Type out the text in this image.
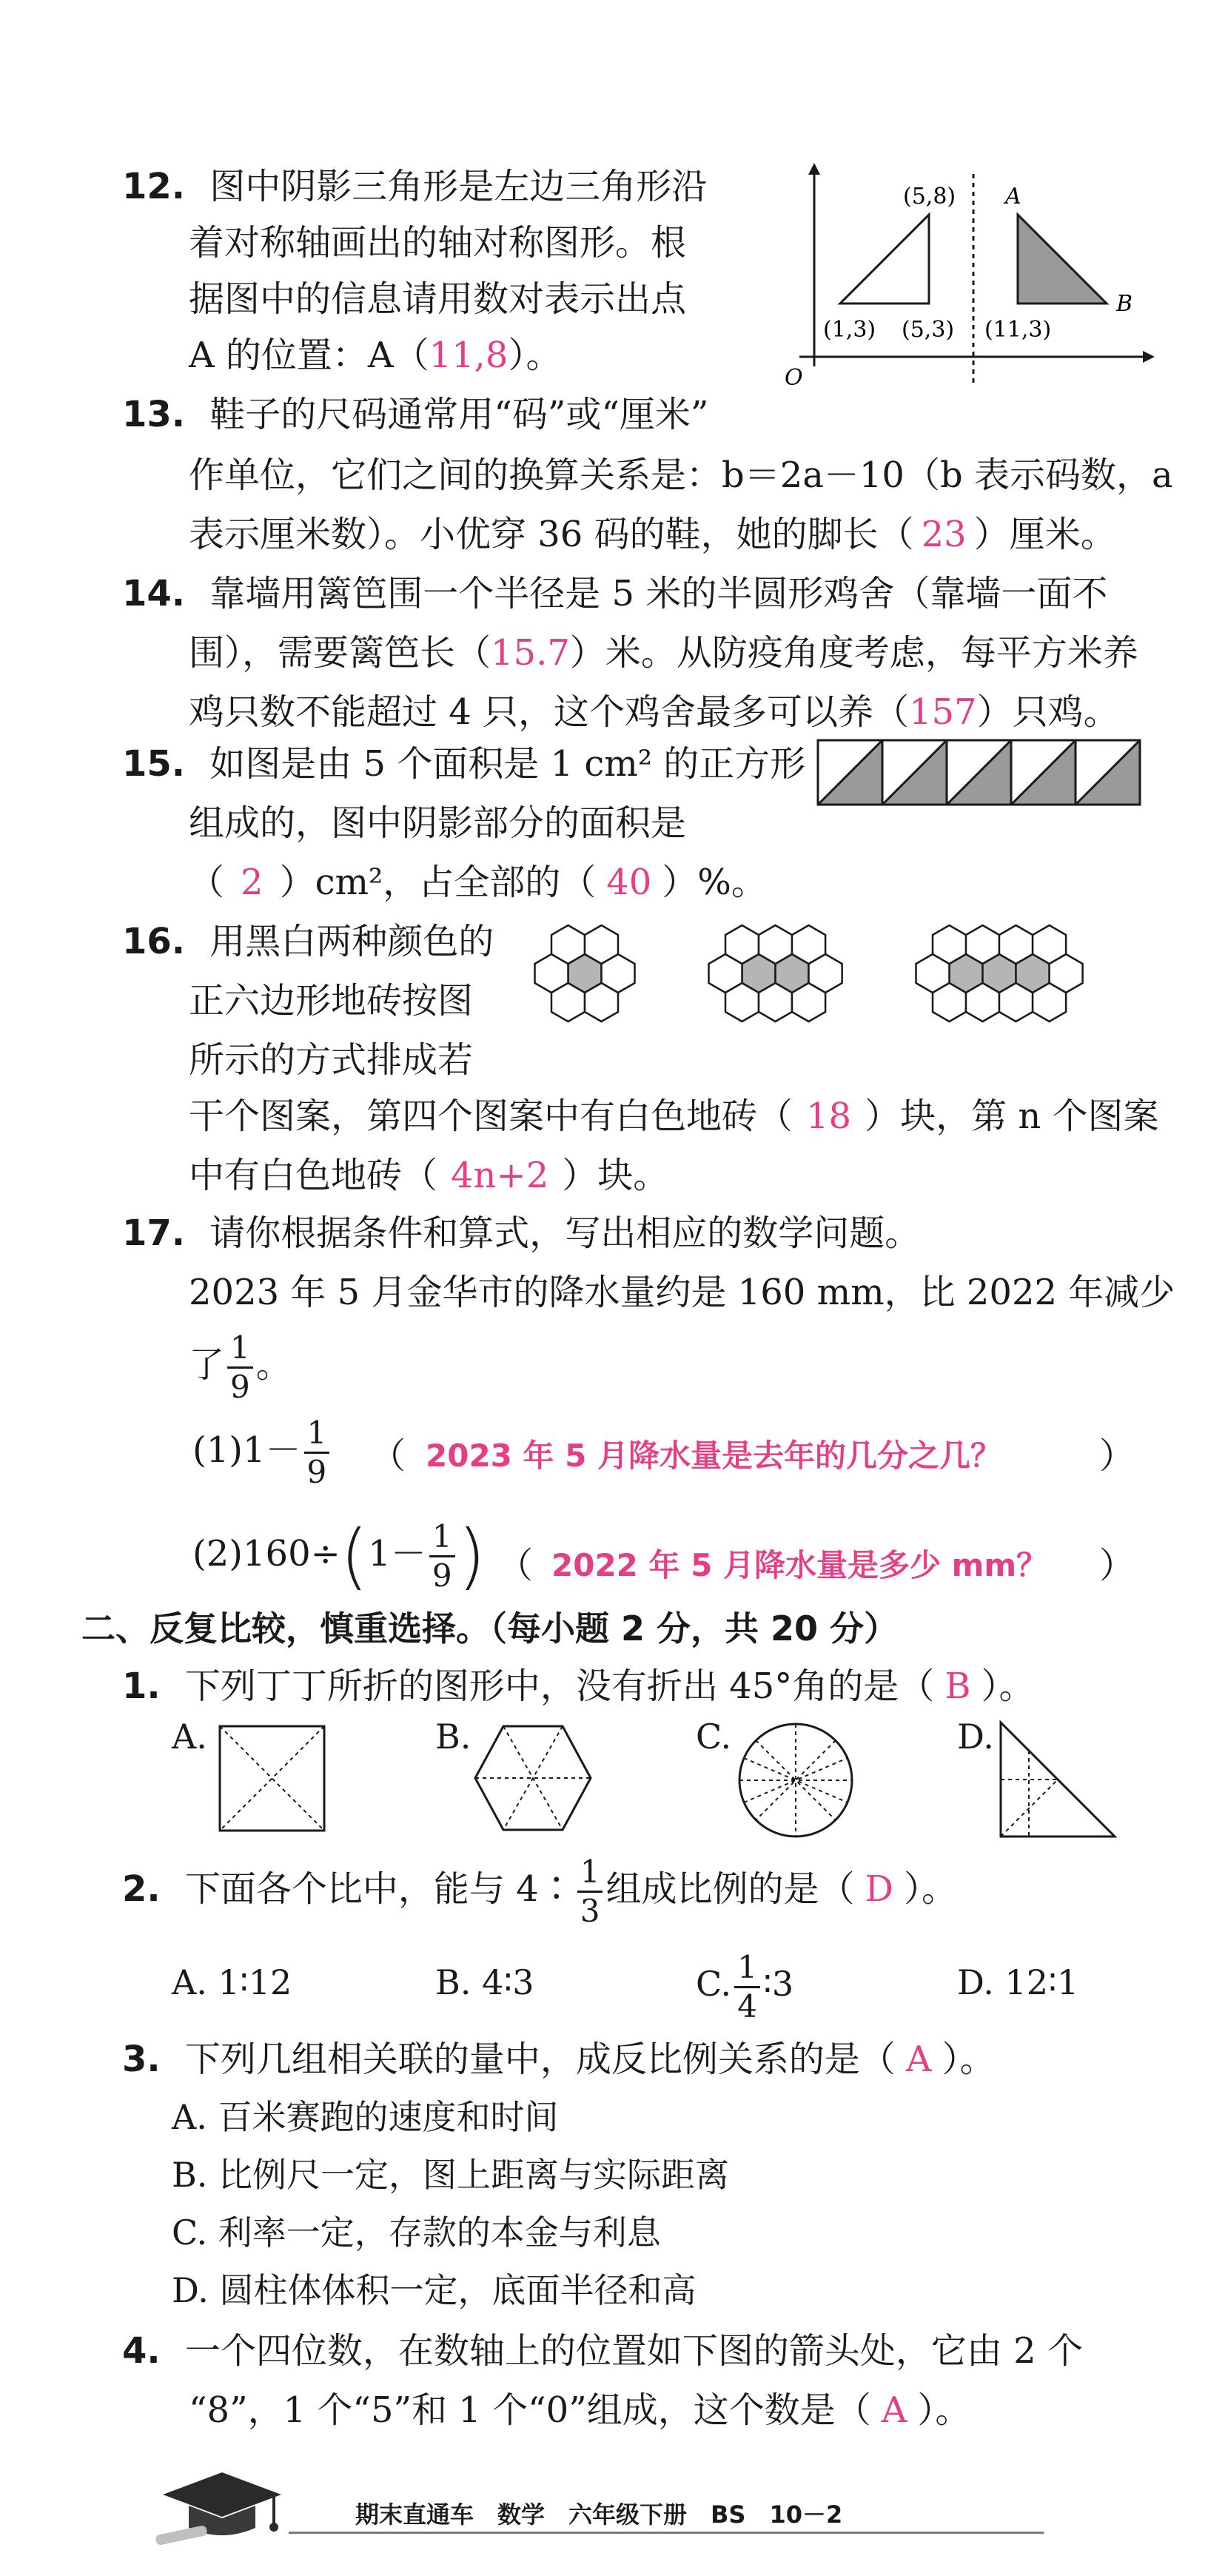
12. 图中阴影三角形是左边三角形沿
着对称轴画出的轴对称图形。根
据图中的信息请用数对表示出点
A 的位置：A（11,8）。
(5,8) A
B
(1,3) (5,3) (11,3)
O
13. 鞋子的尺码通常用“码”或“厘米”
作单位，它们之间的换算关系是：b＝2a－10（b 表示码数，a
表示厘米数）。小优穿 36 码的鞋，她的脚长（ 23 ）厘米。
14. 靠墙用篱笆围一个半径是 5 米的半圆形鸡舍（靠墙一面不
围），需要篱笆长（15.7）米。从防疫角度考虑，每平方米养
鸡只数不能超过 4 只，这个鸡舍最多可以养（157）只鸡。
15. 如图是由 5 个面积是 1 cm² 的正方形
组成的，图中阴影部分的面积是
（ 2 ）cm²，占全部的（ 40 ）%。
16. 用黑白两种颜色的
正六边形地砖按图
所示的方式排成若
干个图案，第四个图案中有白色地砖（ 18 ）块，第 n 个图案
中有白色地砖（ 4n+2 ）块。
17. 请你根据条件和算式，写出相应的数学问题。
2023 年 5 月金华市的降水量约是 160 mm，比 2022 年减少
了 $\frac{1}{9}$ 。
$(1)1- \frac{1}{9}$ （ 2023 年 5 月降水量是去年的几分之几？	）
$(2)160\div(1- \frac{1}{9}$ ) （ 2022 年 5 月降水量是多少 mm？ ）
二、反复比较，慎重选择。（每小题 2 分，共 20 分）
1. 下列丁丁所折的图形中，没有折出 45°角的是（ B ）。
A.	B.	C.	D.
2. 下面各个比中，能与 4∶ $\frac{1}{3}$ 组成比例的是（ D ）。
A. 1∶12	B. 4∶3	C. $\frac{1}{4}$ ∶3	D. 12∶1
3. 下列几组相关联的量中，成反比例关系的是（ A ）。
A. 百米赛跑的速度和时间
B. 比例尺一定，图上距离与实际距离
C. 利率一定，存款的本金与利息
D. 圆柱体体积一定，底面半径和高
4. 一个四位数，在数轴上的位置如下图的箭头处，它由 2 个
“8”，1 个“5”和 1 个“0”组成，这个数是（ A ）。
期末直通车　数学　六年级下册　BS　10－2
